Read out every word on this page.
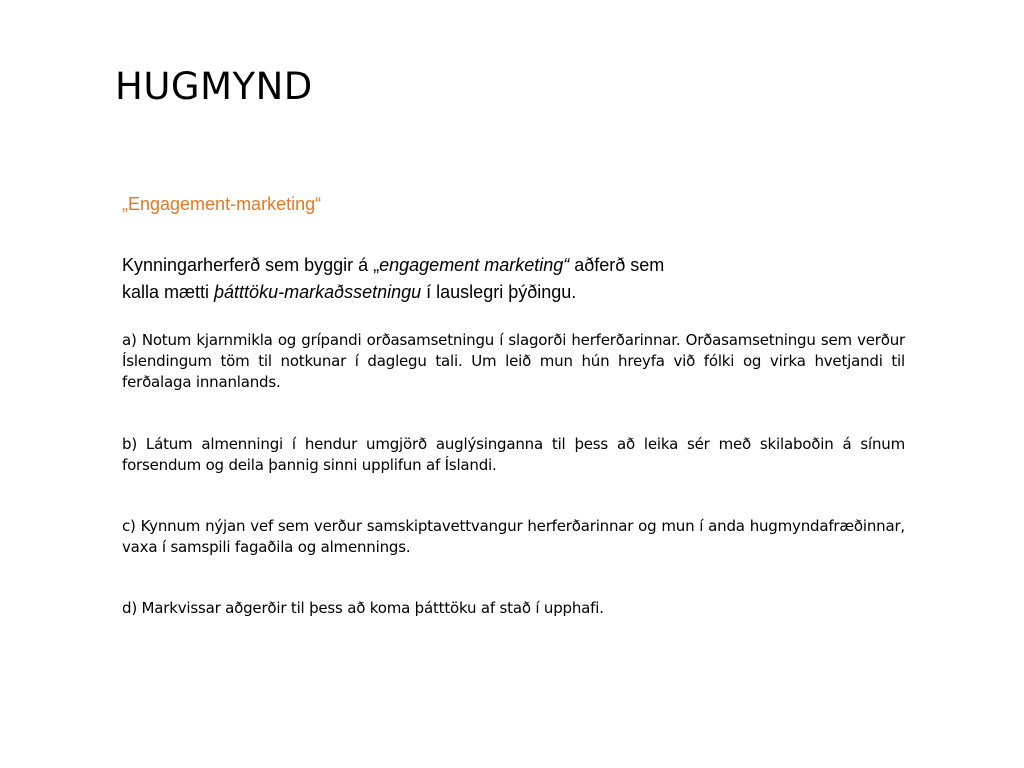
HUGMYND

„Engagement-marketing“

Kynningarherferð sem byggir á „engagement marketing“ aðferð sem
kalla mætti þátttöku-markaðssetningu í lauslegri þýðingu.

a) Notum kjarnmikla og grípandi orðasamsetningu í slagorði herferðarinnar. Orðasamsetningu sem verður Íslendingum töm til notkunar í daglegu tali. Um leið mun hún hreyfa við fólki og virka hvetjandi til ferðalaga innanlands.

b) Látum almenningi í hendur umgjörð auglýsinganna til þess að leika sér með skilaboðin á sínum forsendum og deila þannig sinni upplifun af Íslandi.

c) Kynnum nýjan vef sem verður samskiptavettvangur herferðarinnar og mun í anda hugmyndafræðinnar, vaxa í samspili fagaðila og almennings.

d) Markvissar aðgerðir til þess að koma þátttöku af stað í upphafi.
